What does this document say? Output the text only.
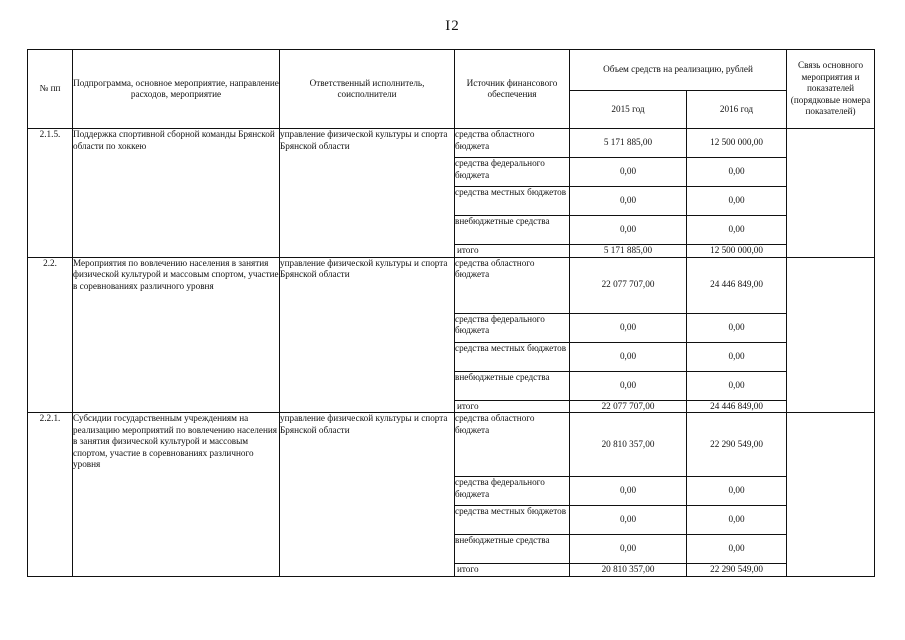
I2
№ пп	Подпрограмма, основное мероприятие, направление расходов, мероприятие	Ответственный исполнитель, соисполнители	Источник финансового обеспечения	Объем средств на реализацию, рублей		Связь основного мероприятия и показателей (порядковые номера показателей)
				2015 год	2016 год	
2.1.5.	Поддержка спортивной сборной команды Брянской области по хоккею	управление физической культуры и спорта Брянской области	средства областного бюджета	5 171 885,00	12 500 000,00	
			средства федерального бюджета	0,00	0,00	
			средства местных бюджетов	0,00	0,00	
			внебюджетные средства	0,00	0,00	
			итого	5 171 885,00	12 500 000,00	
2.2.	Мероприятия по вовлечению населения в занятия физической культурой и массовым спортом, участие в соревнованиях различного уровня	управление физической культуры и спорта Брянской области	средства областного бюджета	22 077 707,00	24 446 849,00	
			средства федерального бюджета	0,00	0,00	
			средства местных бюджетов	0,00	0,00	
			внебюджетные средства	0,00	0,00	
			итого	22 077 707,00	24 446 849,00	
2.2.1.	Субсидии государственным учреждениям на реализацию мероприятий по вовлечению населения в занятия физической культурой и массовым спортом, участие в соревнованиях различного уровня	управление физической культуры и спорта Брянской области	средства областного бюджета	20 810 357,00	22 290 549,00	
			средства федерального бюджета	0,00	0,00	
			средства местных бюджетов	0,00	0,00	
			внебюджетные средства	0,00	0,00	
			итого	20 810 357,00	22 290 549,00	
